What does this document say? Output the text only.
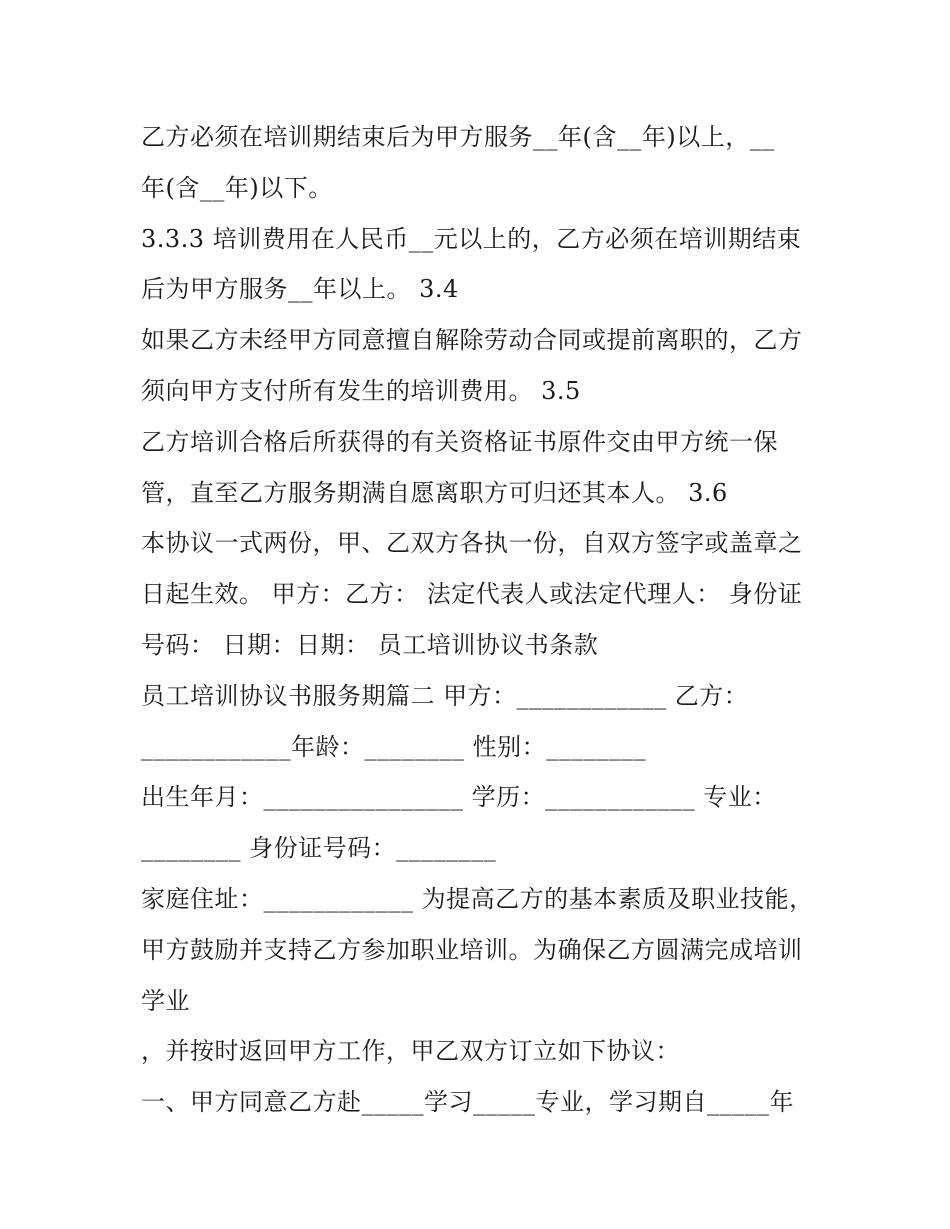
乙方必须在培训期结束后为甲方服务__年(含__年)以上，__
年(含__年)以下。
3.3.3 培训费用在人民币__元以上的，乙方必须在培训期结束
后为甲方服务__年以上。 3.4
如果乙方未经甲方同意擅自解除劳动合同或提前离职的，乙方
须向甲方支付所有发生的培训费用。 3.5
乙方培训合格后所获得的有关资格证书原件交由甲方统一保
管，直至乙方服务期满自愿离职方可归还其本人。 3.6
本协议一式两份，甲、乙双方各执一份，自双方签字或盖章之
日起生效。 甲方：乙方： 法定代表人或法定代理人： 身份证
号码： 日期：日期： 员工培训协议书条款
员工培训协议书服务期篇二 甲方：____________ 乙方：
____________年龄：________ 性别：________
出生年月：________________ 学历：____________ 专业：
________ 身份证号码：________
家庭住址：____________ 为提高乙方的基本素质及职业技能，
甲方鼓励并支持乙方参加职业培训。为确保乙方圆满完成培训
学业
，并按时返回甲方工作，甲乙双方订立如下协议：
一、甲方同意乙方赴_____学习_____专业，学习期自_____年
